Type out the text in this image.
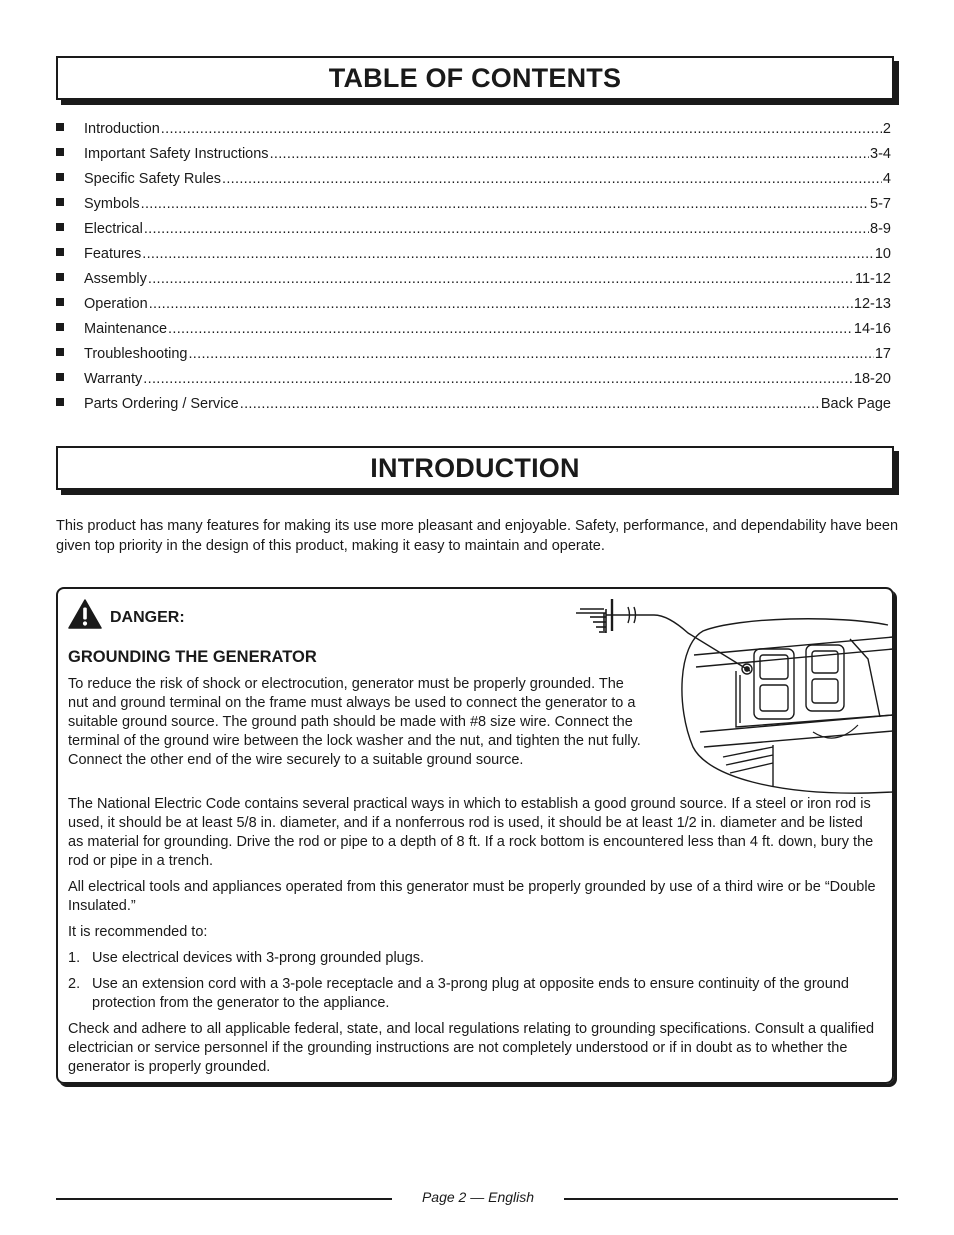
TABLE OF CONTENTS
Introduction .....	2
Important Safety Instructions .....	3-4
Specific Safety Rules .....	4
Symbols .....	5-7
Electrical .....	8-9
Features .....	10
Assembly .....	11-12
Operation .....	12-13
Maintenance .....	14-16
Troubleshooting .....	17
Warranty .....	18-20
Parts Ordering / Service .....	Back Page
INTRODUCTION

This product has many features for making its use more pleasant and enjoyable. Safety, performance, and dependability have been given top priority in the design of this product, making it easy to maintain and operate.

DANGER:
GROUNDING THE GENERATOR

To reduce the risk of shock or electrocution, generator must be properly grounded. The nut and ground terminal on the frame must always be used to connect the generator to a suitable ground source. The ground path should be made with #8 size wire. Connect the terminal of the ground wire between the lock washer and the nut, and tighten the nut fully. Connect the other end of the wire securely to a suitable ground source.

The National Electric Code contains several practical ways in which to establish a good ground source. If a steel or iron rod is used, it should be at least 5/8 in. diameter, and if a nonferrous rod is used, it should be at least 1/2 in. diameter and be listed as material for grounding. Drive the rod or pipe to a depth of 8 ft. If a rock bottom is encountered less than 4 ft. down, bury the rod or pipe in a trench.

All electrical tools and appliances operated from this generator must be properly grounded by use of a third wire or be “Double Insulated.”

It is recommended to:

1. Use electrical devices with 3-prong grounded plugs.
2. Use an extension cord with a 3-pole receptacle and a 3-prong plug at opposite ends to ensure continuity of the ground protection from the generator to the appliance.

Check and adhere to all applicable federal, state, and local regulations relating to grounding specifications. Consult a qualified electrician or service personnel if the grounding instructions are not completely understood or if in doubt as to whether the generator is properly grounded.

Page 2 — English
